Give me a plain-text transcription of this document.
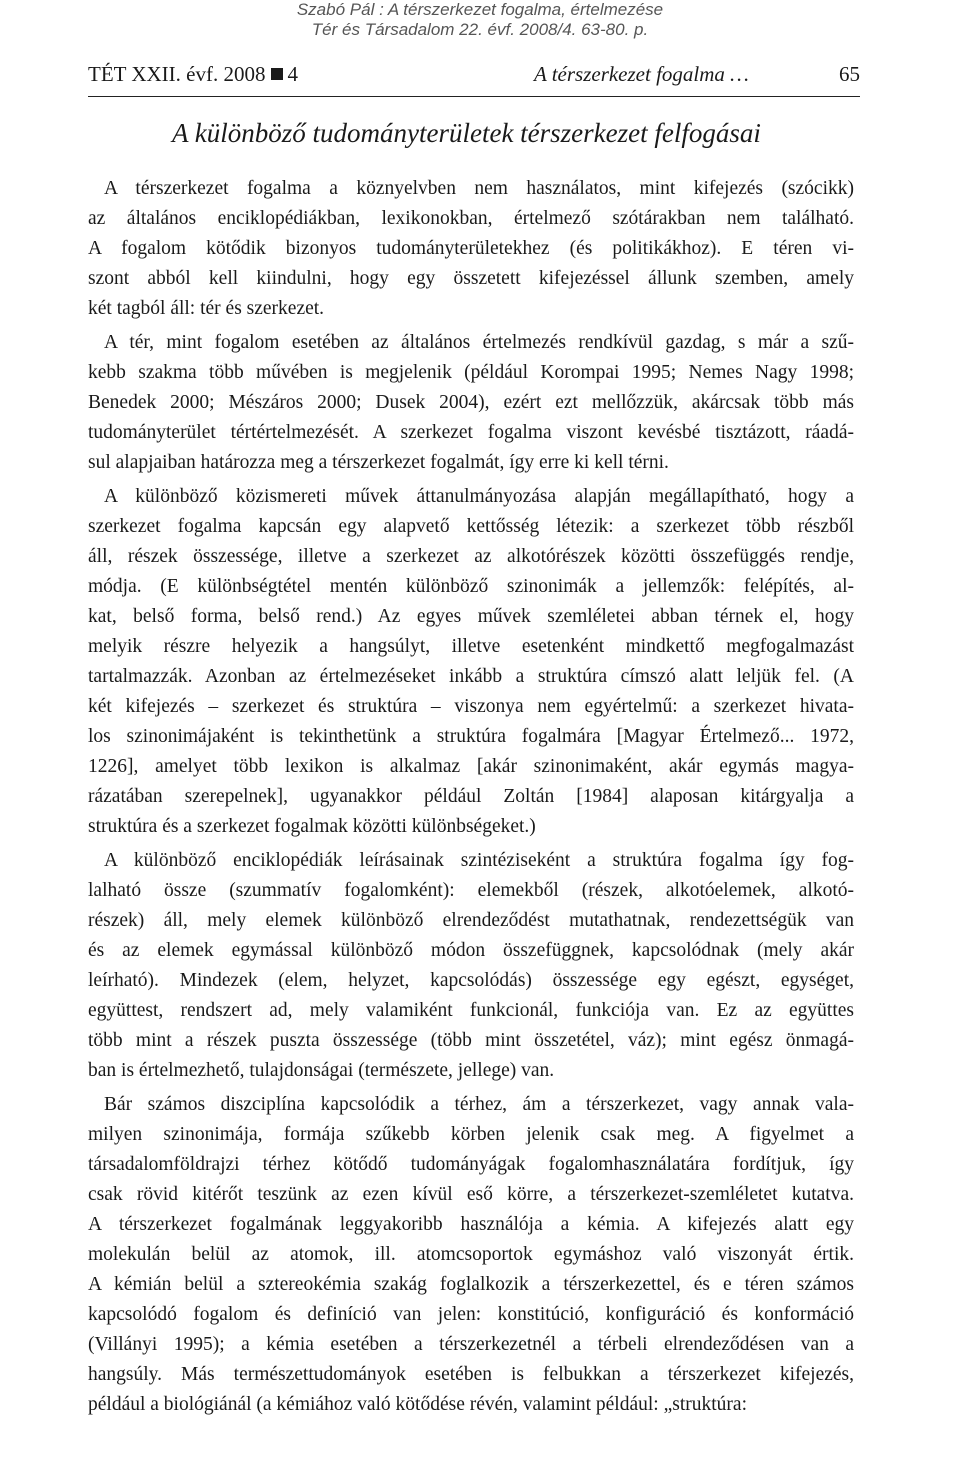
Szabó Pál : A térszerkezet fogalma, értelmezése
Tér és Társadalom 22. évf. 2008/4. 63-80. p.
TÉT XXII. évf. 2008 4	A térszerkezet fogalma …	65
A különböző tudományterületek térszerkezet felfogásai
A térszerkezet fogalma a köznyelvben nem használatos, mint kifejezés (szócikk)
az általános enciklopédiákban, lexikonokban, értelmező szótárakban nem található.
A fogalom kötődik bizonyos tudományterületekhez (és politikákhoz). E téren vi-
szont abból kell kiindulni, hogy egy összetett kifejezéssel állunk szemben, amely
két tagból áll: tér és szerkezet.
A tér, mint fogalom esetében az általános értelmezés rendkívül gazdag, s már a szű-
kebb szakma több művében is megjelenik (például Korompai 1995; Nemes Nagy 1998;
Benedek 2000; Mészáros 2000; Dusek 2004), ezért ezt mellőzzük, akárcsak több más
tudományterület tértértelmezését. A szerkezet fogalma viszont kevésbé tisztázott, ráadá-
sul alapjaiban határozza meg a térszerkezet fogalmát, így erre ki kell térni.
A különböző közismereti művek áttanulmányozása alapján megállapítható, hogy a
szerkezet fogalma kapcsán egy alapvető kettősség létezik: a szerkezet több részből
áll, részek összessége, illetve a szerkezet az alkotórészek közötti összefüggés rendje,
módja. (E különbségtétel mentén különböző szinonimák a jellemzők: felépítés, al-
kat, belső forma, belső rend.) Az egyes művek szemléletei abban térnek el, hogy
melyik részre helyezik a hangsúlyt, illetve esetenként mindkettő megfogalmazást
tartalmazzák. Azonban az értelmezéseket inkább a struktúra címszó alatt leljük fel. (A
két kifejezés – szerkezet és struktúra – viszonya nem egyértelmű: a szerkezet hivata-
los szinonimájaként is tekinthetünk a struktúra fogalmára [Magyar Értelmező... 1972,
1226], amelyet több lexikon is alkalmaz [akár szinonimaként, akár egymás magya-
rázatában szerepelnek], ugyanakkor például Zoltán [1984] alaposan kitárgyalja a
struktúra és a szerkezet fogalmak közötti különbségeket.)
A különböző enciklopédiák leírásainak szintéziseként a struktúra fogalma így fog-
lalható össze (szummatív fogalomként): elemekből (részek, alkotóelemek, alkotó-
részek) áll, mely elemek különböző elrendeződést mutathatnak, rendezettségük van
és az elemek egymással különböző módon összefüggnek, kapcsolódnak (mely akár
leírható). Mindezek (elem, helyzet, kapcsolódás) összessége egy egészt, egységet,
együttest, rendszert ad, mely valamiként funkcionál, funkciója van. Ez az együttes
több mint a részek puszta összessége (több mint összetétel, váz); mint egész önmagá-
ban is értelmezhető, tulajdonságai (természete, jellege) van.
Bár számos diszciplína kapcsolódik a térhez, ám a térszerkezet, vagy annak vala-
milyen szinonimája, formája szűkebb körben jelenik csak meg. A figyelmet a
társadalomföldrajzi térhez kötődő tudományágak fogalomhasználatára fordítjuk, így
csak rövid kitérőt teszünk az ezen kívül eső körre, a térszerkezet-szemléletet kutatva.
A térszerkezet fogalmának leggyakoribb használója a kémia. A kifejezés alatt egy
molekulán belül az atomok, ill. atomcsoportok egymáshoz való viszonyát értik.
A kémián belül a sztereokémia szakág foglalkozik a térszerkezettel, és e téren számos
kapcsolódó fogalom és definíció van jelen: konstitúció, konfiguráció és konformáció
(Villányi 1995); a kémia esetében a térszerkezetnél a térbeli elrendeződésen van a
hangsúly. Más természettudományok esetében is felbukkan a térszerkezet kifejezés,
például a biológiánál (a kémiához való kötődése révén, valamint például: „struktúra:
